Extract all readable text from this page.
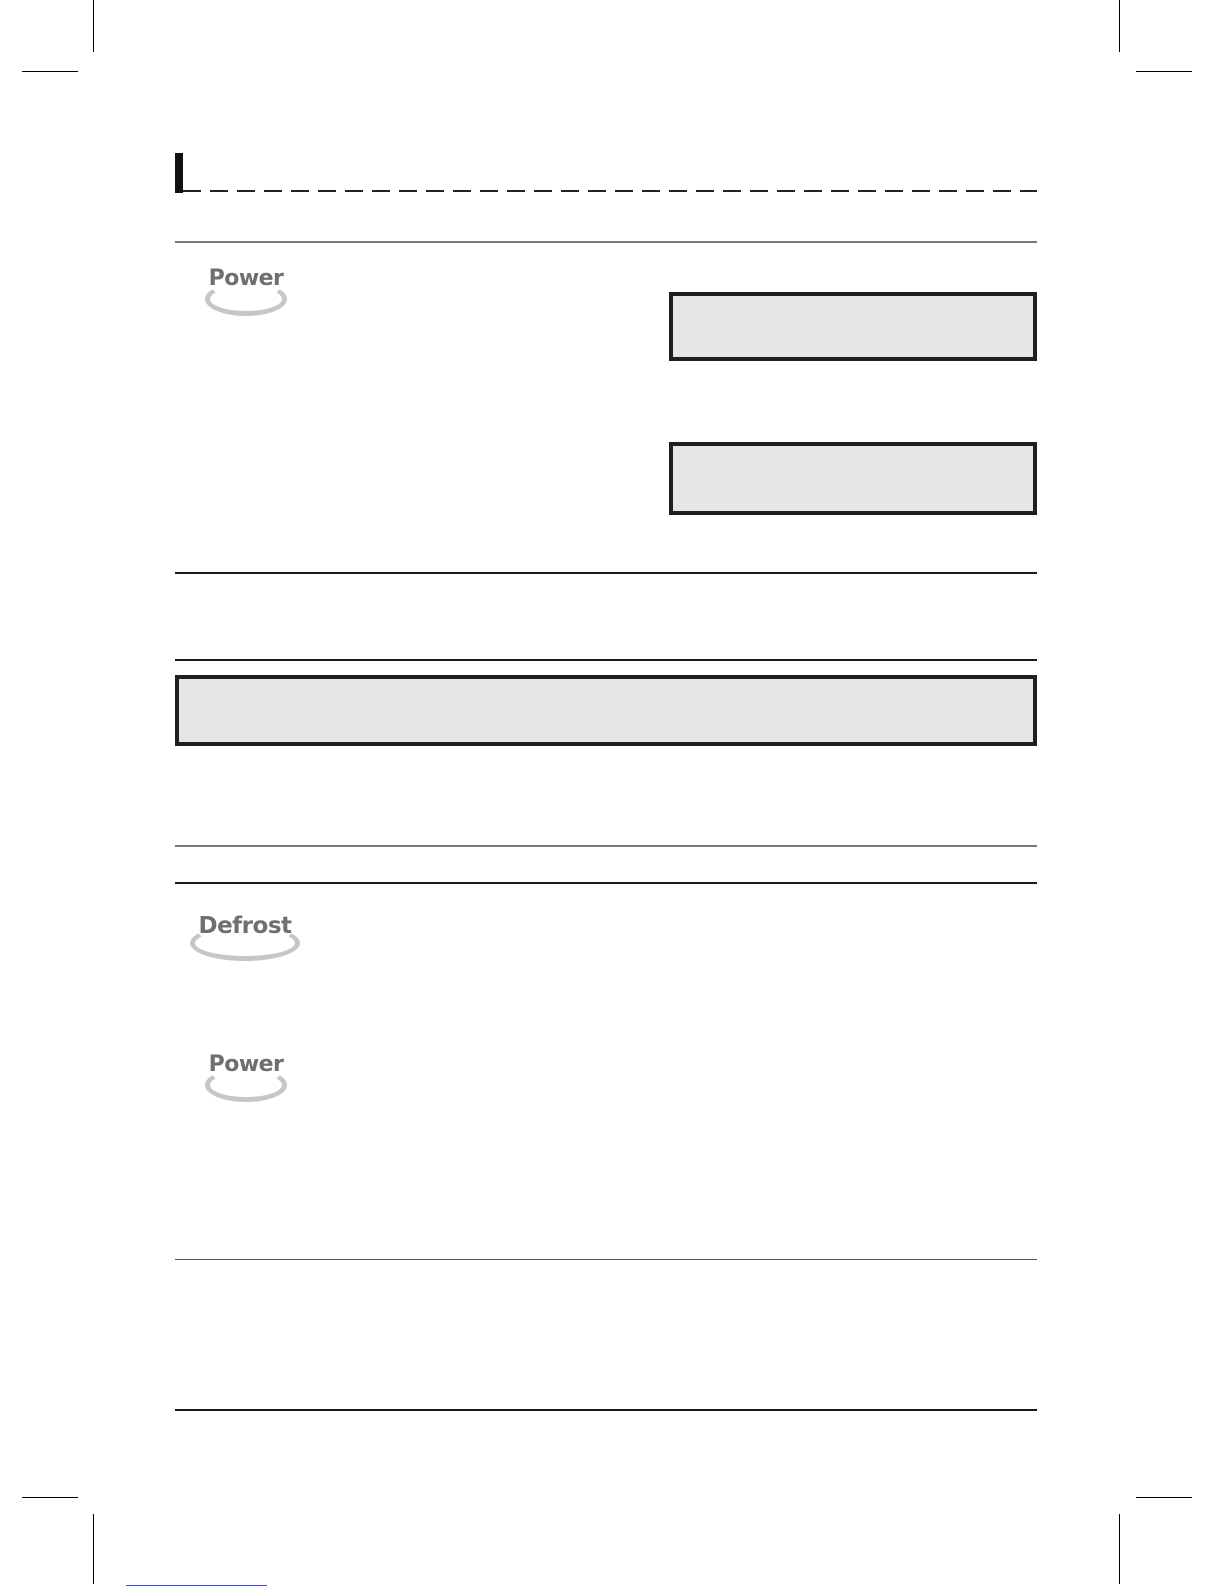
Power
Defrost
Power
